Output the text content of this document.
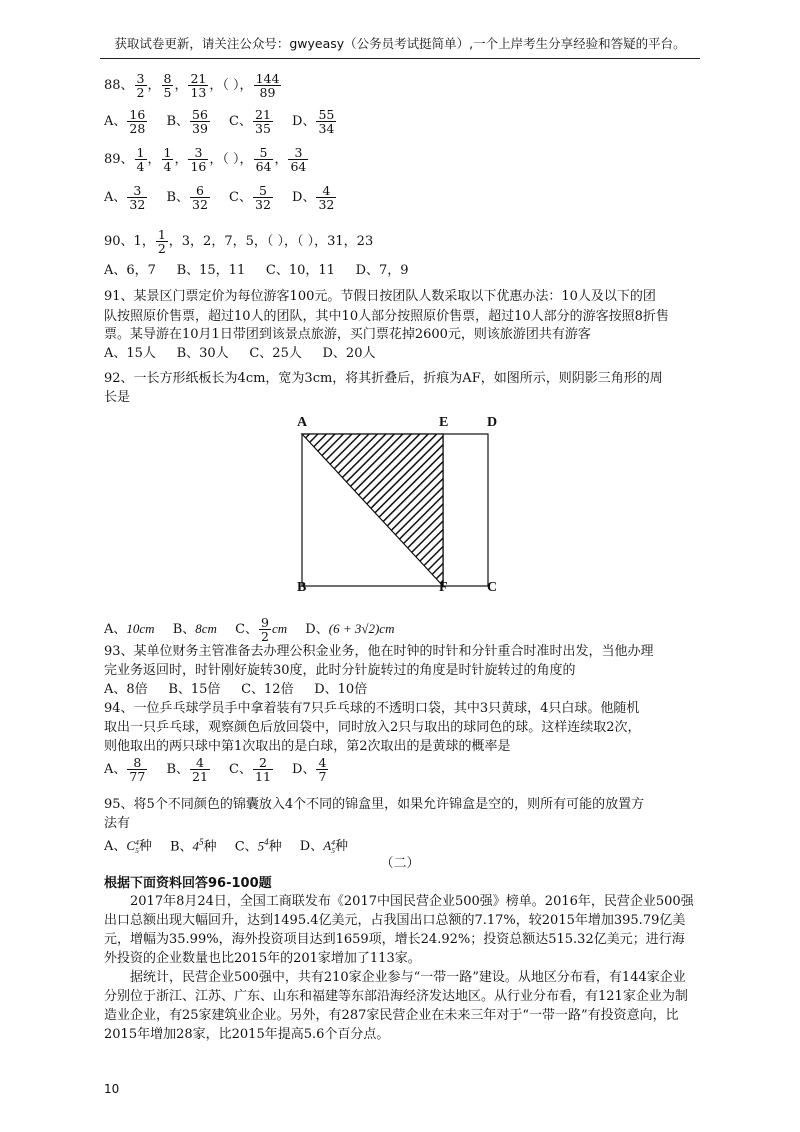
获取试卷更新，请关注公众号：gwyeasy（公务员考试挺简单）,一个上岸考生分享经验和答疑的平台。
88、 $\frac{3}{2}$ ， $\frac{8}{5}$ ， $\frac{21}{13}$ ，（ ）， $\frac{144}{89}$
A、 $\frac{16}{28}$ B、 $\frac{56}{39}$ C、 $\frac{21}{35}$ D、 $\frac{55}{34}$
89、 $\frac{1}{4}$ ， $\frac{1}{4}$ ， $\frac{3}{16}$ ，（ ）， $\frac{5}{64}$ ， $\frac{3}{64}$
A、 $\frac{3}{32}$ B、 $\frac{6}{32}$ C、 $\frac{5}{32}$ D、 $\frac{4}{32}$
90、1， $\frac{1}{2}$ ，3，2，7，5，（ ），（ ），31，23
A、6，7     B、15，11     C、10，11     D、7，9
91、某景区门票定价为每位游客100元。节假日按团队人数采取以下优惠办法：10人及以下的团
队按照原价售票，超过10人的团队，其中10人部分按照原价售票，超过10人部分的游客按照8折售
票。某导游在10月1日带团到该景点旅游，买门票花掉2600元，则该旅游团共有游客
A、15人     B、30人     C、25人     D、20人
92、一长方形纸板长为4cm，宽为3cm，将其折叠后，折痕为AF，如图所示，则阴影三角形的周
长是
A	E	D
B	F	C
A、10cm B、8cm C、 $\frac{9}{2}$ cm D、(6 + 3√2)cm
93、某单位财务主管准备去办理公积金业务，他在时钟的时针和分针重合时准时出发，当他办理
完业务返回时，时针刚好旋转30度，此时分针旋转过的角度是时针旋转过的角度的
A、8倍     B、15倍     C、12倍     D、10倍
94、一位乒乓球学员手中拿着装有7只乒乓球的不透明口袋，其中3只黄球，4只白球。他随机
取出一只乒乓球，观察颜色后放回袋中，同时放入2只与取出的球同色的球。这样连续取2次，
则他取出的两只球中第1次取出的是白球，第2次取出的是黄球的概率是
A、 $\frac{8}{77}$ B、 $\frac{4}{21}$ C、 $\frac{2}{11}$ D、 $\frac{4}{7}$
95、将5个不同颜色的锦囊放入4个不同的锦盒里，如果允许锦盒是空的，则所有可能的放置方
法有
A、C 4
5 种 B、$4^5$种 C、$5^4$种 D、A 4
5 种
（二）
根据下面资料回答96-100题
2017年8月24日，全国工商联发布《2017中国民营企业500强》榜单。2016年，民营企业500强出口总额出现大幅回升，达到1495.4亿美元，占我国出口总额的7.17%，较2015年增加395.79亿美元，增幅为35.99%，海外投资项目达到1659项，增长24.92%；投资总额达515.32亿美元；进行海外投资的企业数量也比2015年的201家增加了113家。
据统计，民营企业500强中，共有210家企业参与“一带一路”建设。从地区分布看，有144家企业分别位于浙江、江苏、广东、山东和福建等东部沿海经济发达地区。从行业分布看，有121家企业为制造业企业，有25家建筑业企业。另外，有287家民营企业在未来三年对于“一带一路”有投资意向，比2015年增加28家，比2015年提高5.6个百分点。
10
